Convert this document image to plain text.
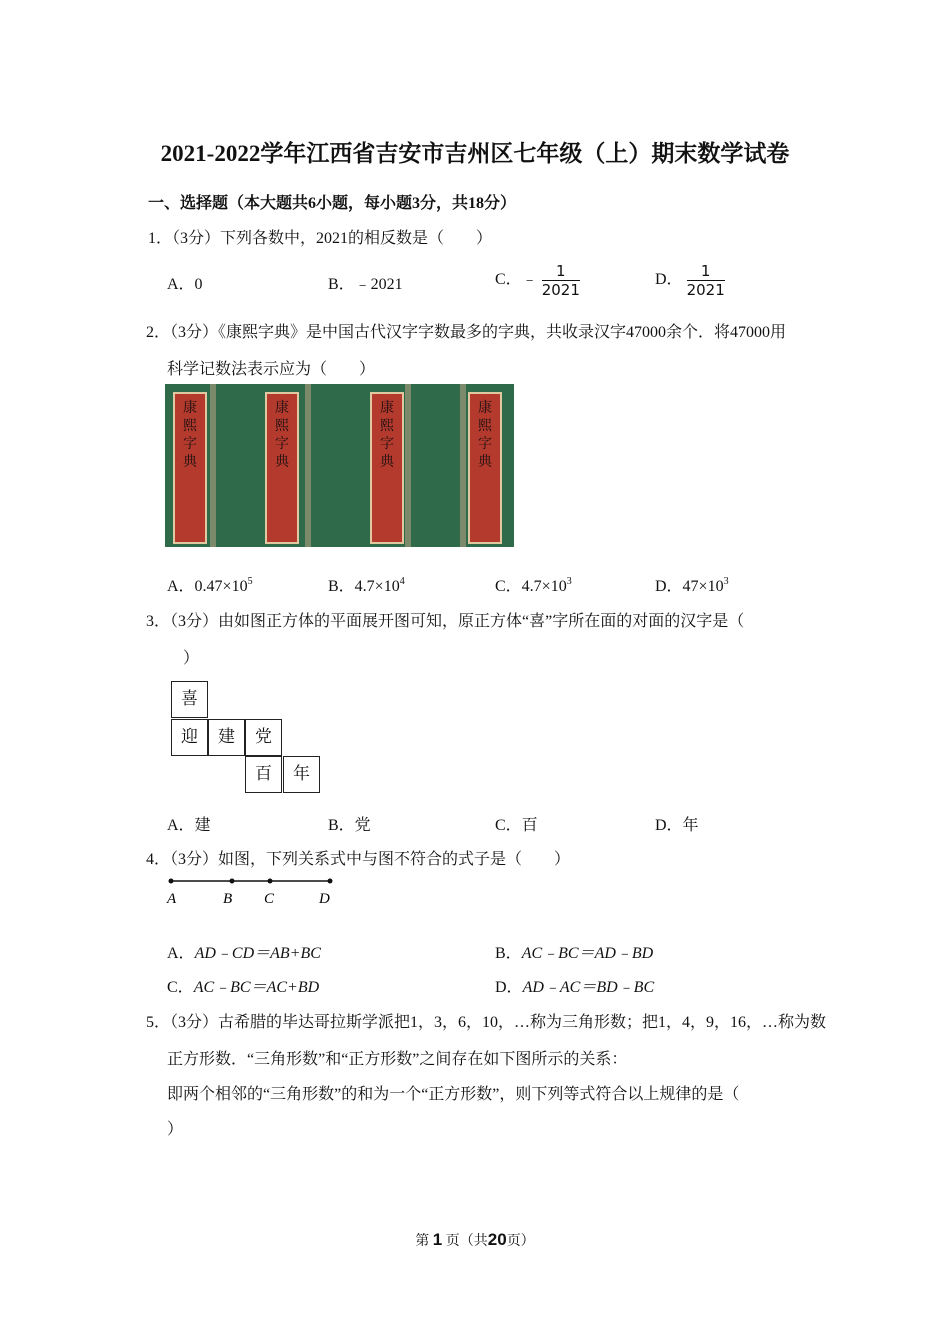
2021-2022学年江西省吉安市吉州区七年级（上）期末数学试卷
一、选择题（本大题共6小题，每小题3分，共18分）
1．（3分）下列各数中，2021的相反数是（　　）
A．0	B．﹣2021	C．﹣ $\frac{1}{2021}$	D． $\frac{1}{2021}$
2．（3分）《康熙字典》是中国古代汉字字数最多的字典，共收录汉字47000余个．将47000用
科学记数法表示应为（　　）
康熙字典
康熙字典
康熙字典
康熙字典
A．$0.47\times 10^5$	B．$4.7\times 10^4$	C．$4.7\times 10^3$	D．$47\times 10^3$
3．（3分）由如图正方体的平面展开图可知，原正方体“喜”字所在面的对面的汉字是（
）
喜
迎	建	党
百	年
A．建	B．党	C．百	D．年
4．（3分）如图，下列关系式中与图不符合的式子是（　　）
A	B C	D
A．AD﹣CD＝AB+BC	B．AC﹣BC＝AD﹣BD
C．AC﹣BC＝AC+BD	D．AD﹣AC＝BD﹣BC
5．（3分）古希腊的毕达哥拉斯学派把1，3，6，10，…称为三角形数；把1，4，9，16，…称为数
正方形数．“三角形数”和“正方形数”之间存在如下图所示的关系：
即两个相邻的“三角形数”的和为一个“正方形数”，则下列等式符合以上规律的是（
）
第 1 页（共20页）
